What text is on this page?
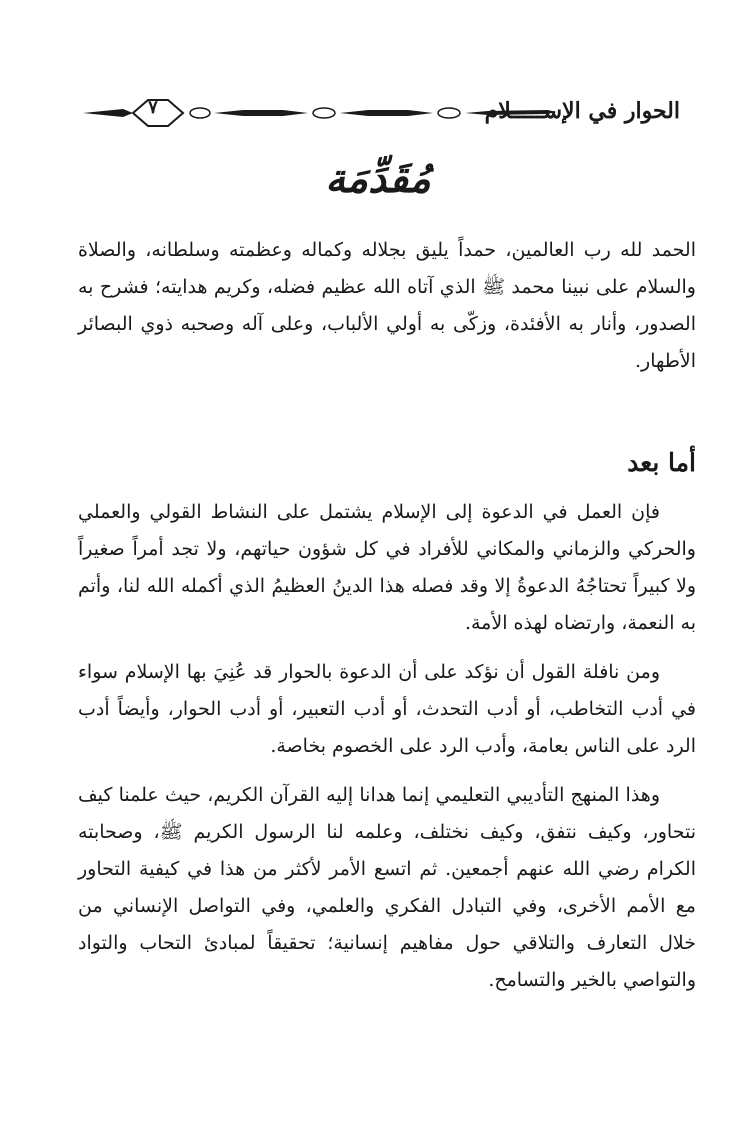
٧	الحوار في الإســـــلام
مُقَدِّمَة

الحمد لله رب العالمين، حمداً يليق بجلاله وكماله وعظمته وسلطانه، والصلاة والسلام على نبينا محمد ﷺ الذي آتاه الله عظيم فضله، وكريم هدايته؛ فشرح به الصدور، وأنار به الأفئدة، وزكّى به أولي الألباب، وعلى آله وصحبه ذوي البصائر الأطهار.

أما بعد

فإن العمل في الدعوة إلى الإسلام يشتمل على النشاط القولي والعملي والحركي والزماني والمكاني للأفراد في كل شؤون حياتهم، ولا تجد أمراً صغيراً ولا كبيراً تحتاجُهُ الدعوةُ إلا وقد فصله هذا الدينُ العظيمُ الذي أكمله الله لنا، وأتم به النعمة، وارتضاه لهذه الأمة.

ومن نافلة القول أن نؤكد على أن الدعوة بالحوار قد عُنِيَ بها الإسلام سواء في أدب التخاطب، أو أدب التحدث، أو أدب التعبير، أو أدب الحوار، وأيضاً أدب الرد على الناس بعامة، وأدب الرد على الخصوم بخاصة.

وهذا المنهج التأديبي التعليمي إنما هدانا إليه القرآن الكريم، حيث علمنا كيف نتحاور، وكيف نتفق، وكيف نختلف، وعلمه لنا الرسول الكريم ﷺ، وصحابته الكرام رضي الله عنهم أجمعين. ثم اتسع الأمر لأكثر من هذا في كيفية التحاور مع الأمم الأخرى، وفي التبادل الفكري والعلمي، وفي التواصل الإنساني من خلال التعارف والتلاقي حول مفاهيم إنسانية؛ تحقيقاً لمبادئ التحاب والتواد والتواصي بالخير والتسامح.
